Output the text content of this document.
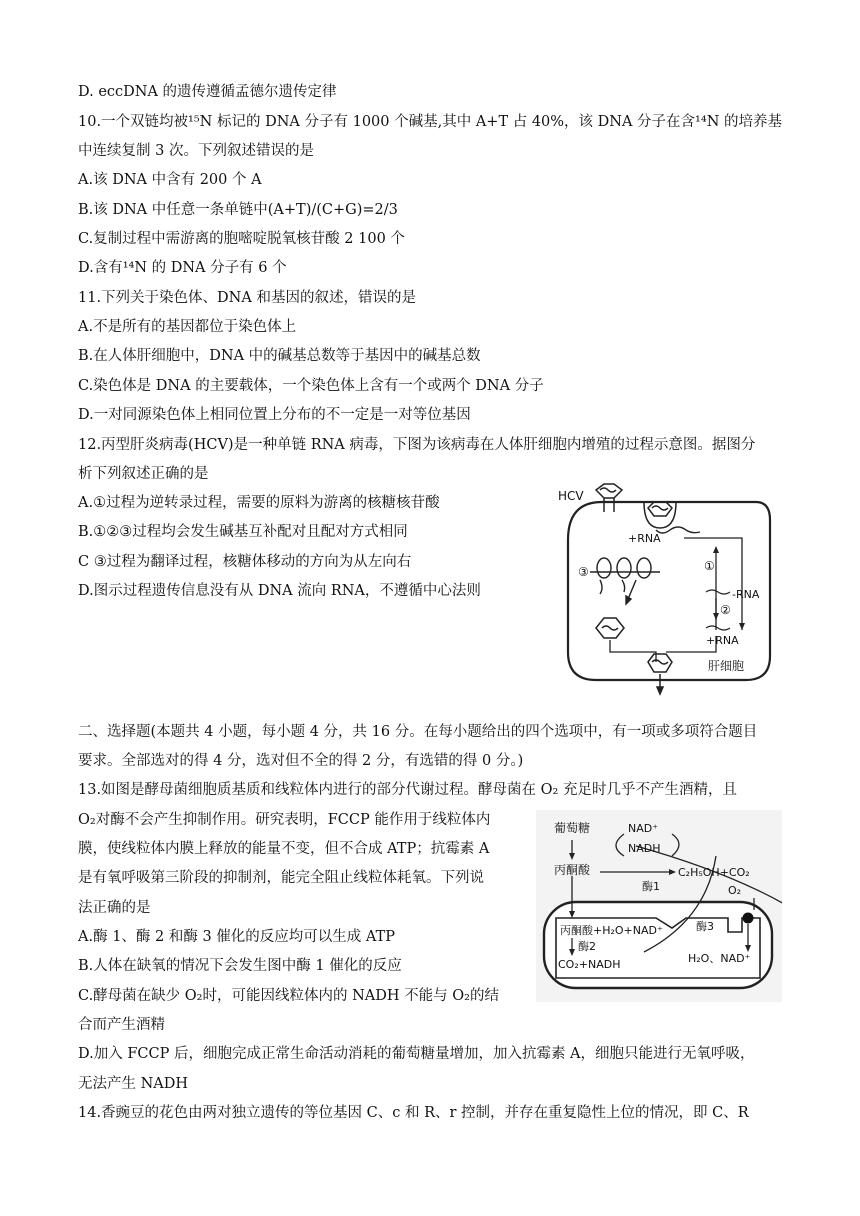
D. eccDNA 的遗传遵循孟德尔遗传定律
10.一个双链均被¹⁵N 标记的 DNA 分子有 1000 个碱基,其中 A+T 占 40%，该 DNA 分子在含¹⁴N 的培养基
中连续复制 3 次。下列叙述错误的是
A.该 DNA 中含有 200 个 A
B.该 DNA 中任意一条单链中(A+T)/(C+G)=2/3
C.复制过程中需游离的胞嘧啶脱氧核苷酸 2 100 个
D.含有¹⁴N 的 DNA 分子有 6 个
11.下列关于染色体、DNA 和基因的叙述，错误的是
A.不是所有的基因都位于染色体上
B.在人体肝细胞中，DNA 中的碱基总数等于基因中的碱基总数
C.染色体是 DNA 的主要载体，一个染色体上含有一个或两个 DNA 分子
D.一对同源染色体上相同位置上分布的不一定是一对等位基因
12.丙型肝炎病毒(HCV)是一种单链 RNA 病毒，下图为该病毒在人体肝细胞内增殖的过程示意图。据图分
析下列叙述正确的是
A.①过程为逆转录过程，需要的原料为游离的核糖核苷酸
B.①②③过程均会发生碱基互补配对且配对方式相同
C ③过程为翻译过程，核糖体移动的方向为从左向右
D.图示过程遗传信息没有从 DNA 流向 RNA，不遵循中心法则
二、选择题(本题共 4 小题，每小题 4 分，共 16 分。在每小题给出的四个选项中，有一项或多项符合题目
要求。全部选对的得 4 分，选对但不全的得 2 分，有选错的得 0 分。)
13.如图是酵母菌细胞质基质和线粒体内进行的部分代谢过程。酵母菌在 O₂ 充足时几乎不产生酒精，且
O₂对酶不会产生抑制作用。研究表明，FCCP 能作用于线粒体内
膜，使线粒体内膜上释放的能量不变，但不合成 ATP；抗霉素 A
是有氧呼吸第三阶段的抑制剂，能完全阻止线粒体耗氧。下列说
法正确的是
A.酶 1、酶 2 和酶 3 催化的反应均可以生成 ATP
B.人体在缺氧的情况下会发生图中酶 1 催化的反应
C.酵母菌在缺少 O₂时，可能因线粒体内的 NADH 不能与 O₂的结
合而产生酒精
D.加入 FCCP 后，细胞完成正常生命活动消耗的葡萄糖量增加，加入抗霉素 A，细胞只能进行无氧呼吸，
无法产生 NADH
14.香豌豆的花色由两对独立遗传的等位基因 C、c 和 R、r 控制，并存在重复隐性上位的情况，即 C、R
HCV
+RNA
①
③
-RNA
②
+RNA
肝细胞
葡萄糖	NAD⁺
NADH
丙酮酸	C₂H₅OH+CO₂
酶1	O₂
丙酮酸+H₂O+NAD⁺
酶2
CO₂+NADH
酶3
H₂O、NAD⁺
